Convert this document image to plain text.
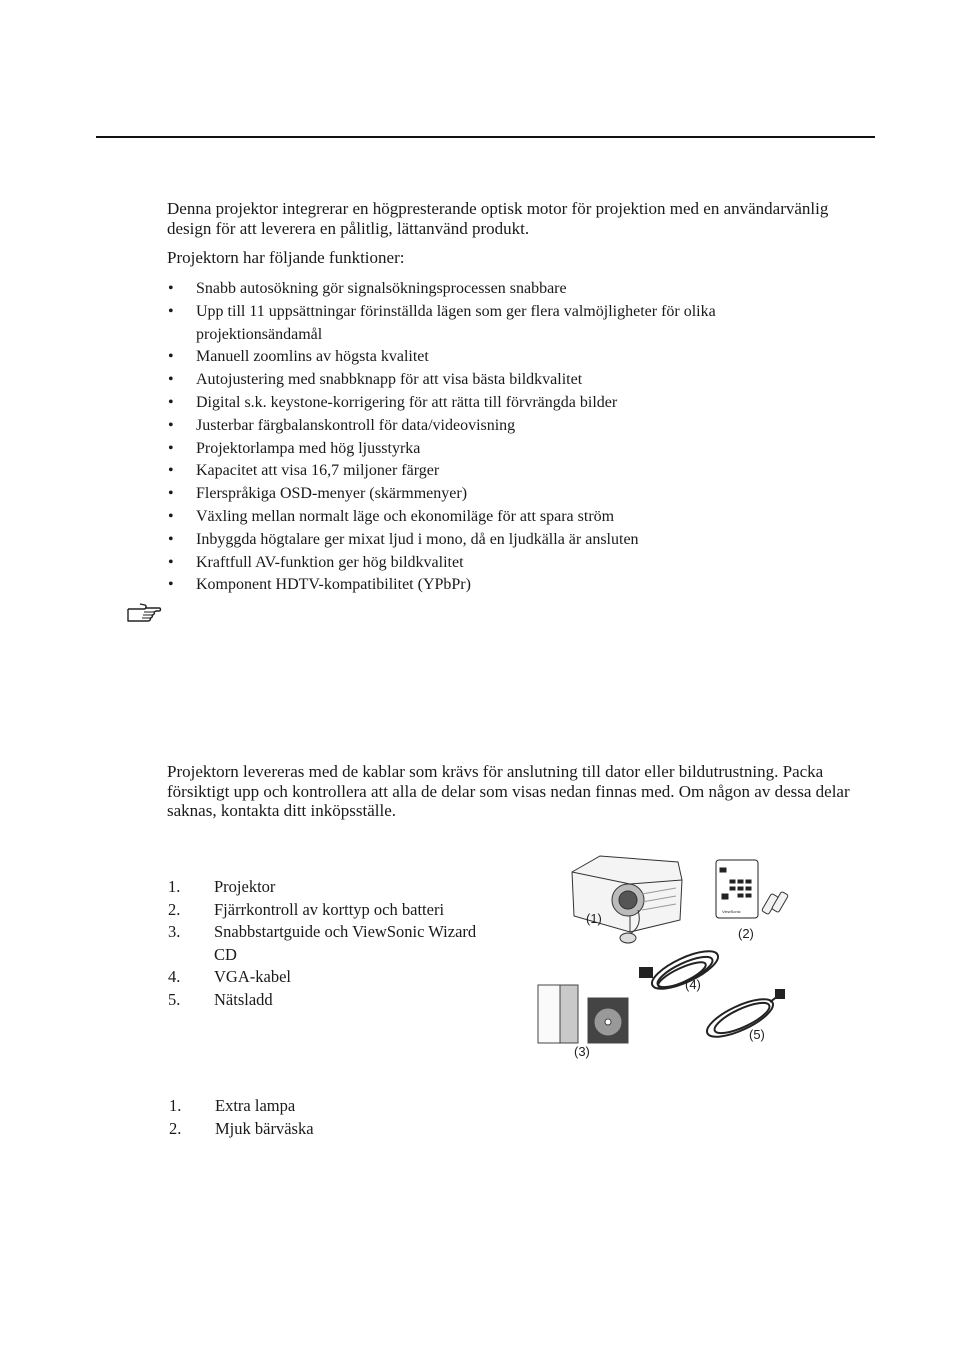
Denna projektor integrerar en högpresterande optisk motor för projektion med en användarvänlig design för att leverera en pålitlig, lättanvänd produkt.

Projektorn har följande funktioner:

• Snabb autosökning gör signalsökningsprocessen snabbare
• Upp till 11 uppsättningar förinställda lägen som ger flera valmöjligheter för olika projektionsändamål
• Manuell zoomlins av högsta kvalitet
• Autojustering med snabbknapp för att visa bästa bildkvalitet
• Digital s.k. keystone-korrigering för att rätta till förvrängda bilder
• Justerbar färgbalanskontroll för data/videovisning
• Projektorlampa med hög ljusstyrka
• Kapacitet att visa 16,7 miljoner färger
• Flerspråkiga OSD-menyer (skärmmenyer)
• Växling mellan normalt läge och ekonomiläge för att spara ström
• Inbyggda högtalare ger mixat ljud i mono, då en ljudkälla är ansluten
• Kraftfull AV-funktion ger hög bildkvalitet
• Komponent HDTV-kompatibilitet (YPbPr)

Projektorn levereras med de kablar som krävs för anslutning till dator eller bildutrustning. Packa försiktigt upp och kontrollera att alla de delar som visas nedan finnas med. Om någon av dessa delar saknas, kontakta ditt inköpsställe.

1. Projektor
2. Fjärrkontroll av korttyp och batteri
3. Snabbstartguide och ViewSonic Wizard CD
4. VGA-kabel
5. Nätsladd
ViewSonic
(1)
(2)
(3)
(4)
(5)
1. Extra lampa
2. Mjuk bärväska
